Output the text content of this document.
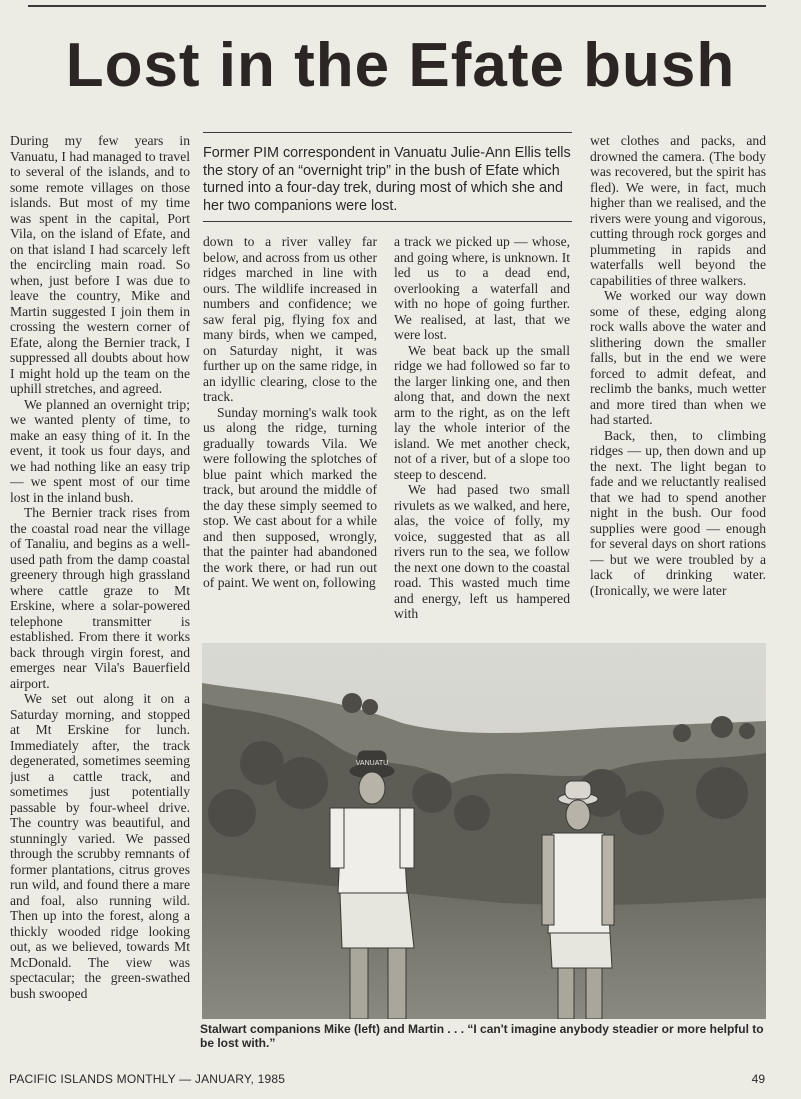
Lost in the Efate bush

During my few years in Vanuatu, I had managed to travel to several of the islands, and to some remote villages on those islands. But most of my time was spent in the capital, Port Vila, on the island of Efate, and on that island I had scarcely left the encircling main road. So when, just before I was due to leave the country, Mike and Martin suggested I join them in crossing the western corner of Efate, along the Bernier track, I suppressed all doubts about how I might hold up the team on the uphill stretches, and agreed.

We planned an overnight trip; we wanted plenty of time, to make an easy thing of it. In the event, it took us four days, and we had nothing like an easy trip — we spent most of our time lost in the inland bush.

The Bernier track rises from the coastal road near the village of Tanaliu, and begins as a well-used path from the damp coastal greenery through high grassland where cattle graze to Mt Erskine, where a solar-powered telephone transmitter is established. From there it works back through virgin forest, and emerges near Vila's Bauerfield airport.

We set out along it on a Saturday morning, and stopped at Mt Erskine for lunch. Immediately after, the track degenerated, sometimes seeming just a cattle track, and sometimes just potentially passable by four-wheel drive. The country was beautiful, and stunningly varied. We passed through the scrubby remnants of former plantations, citrus groves run wild, and found there a mare and foal, also running wild. Then up into the forest, along a thickly wooded ridge looking out, as we believed, towards Mt McDonald. The view was spectacular; the green-swathed bush swooped

Former PIM correspondent in Vanuatu Julie-Ann Ellis tells the story of an “overnight trip” in the bush of Efate which turned into a four-day trek, during most of which she and her two companions were lost.

down to a river valley far below, and across from us other ridges marched in line with ours. The wildlife increased in numbers and confidence; we saw feral pig, flying fox and many birds, when we camped, on Saturday night, it was further up on the same ridge, in an idyllic clearing, close to the track.

Sunday morning's walk took us along the ridge, turning gradually towards Vila. We were following the splotches of blue paint which marked the track, but around the middle of the day these simply seemed to stop. We cast about for a while and then supposed, wrongly, that the painter had abandoned the work there, or had run out of paint. We went on, following

a track we picked up — whose, and going where, is unknown. It led us to a dead end, overlooking a waterfall and with no hope of going further. We realised, at last, that we were lost.

We beat back up the small ridge we had followed so far to the larger linking one, and then along that, and down the next arm to the right, as on the left lay the whole interior of the island. We met another check, not of a river, but of a slope too steep to descend.

We had pased two small rivulets as we walked, and here, alas, the voice of folly, my voice, suggested that as all rivers run to the sea, we follow the next one down to the coastal road. This wasted much time and energy, left us hampered with

wet clothes and packs, and drowned the camera. (The body was recovered, but the spirit has fled). We were, in fact, much higher than we realised, and the rivers were young and vigorous, cutting through rock gorges and plummeting in rapids and waterfalls well beyond the capabilities of three walkers.

We worked our way down some of these, edging along rock walls above the water and slithering down the smaller falls, but in the end we were forced to admit defeat, and reclimb the banks, much wetter and more tired than when we had started.

Back, then, to climbing ridges — up, then down and up the next. The light began to fade and we reluctantly realised that we had to spend another night in the bush. Our food supplies were good — enough for several days on short rations — but we were troubled by a lack of drinking water. (Ironically, we were later

VANUATU
Stalwart companions Mike (left) and Martin . . . “I can't imagine anybody steadier or more helpful to be lost with.”
PACIFIC ISLANDS MONTHLY — JANUARY, 1985	49
